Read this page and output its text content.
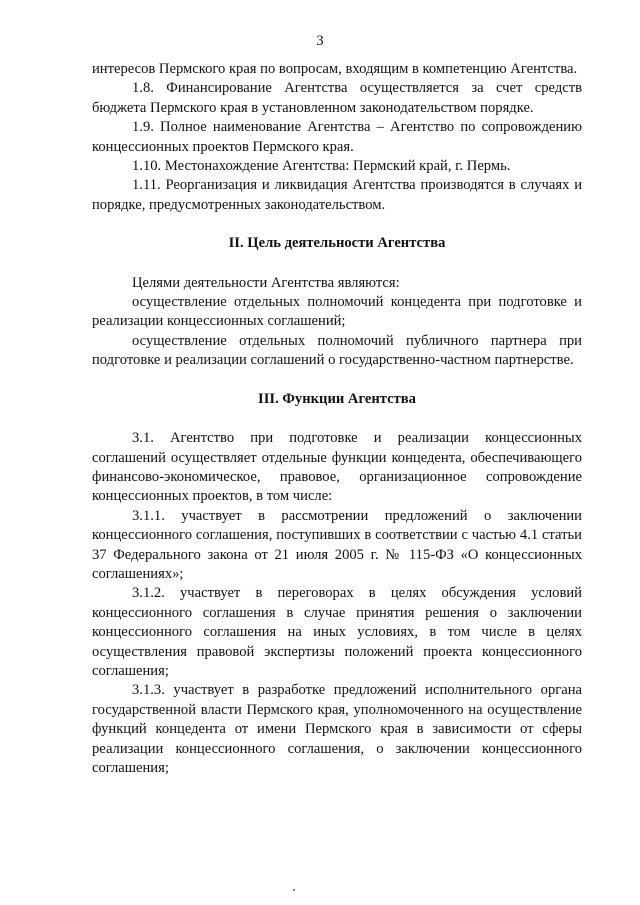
3

интересов Пермского края по вопросам, входящим в компетенцию Агентства.

1.8. Финансирование Агентства осуществляется за счет средств бюджета Пермского края в установленном законодательством порядке.

1.9. Полное наименование Агентства – Агентство по сопровождению концессионных проектов Пермского края.

1.10. Местонахождение Агентства: Пермский край, г. Пермь.

1.11. Реорганизация и ликвидация Агентства производятся в случаях и порядке, предусмотренных законодательством.

II. Цель деятельности Агентства

Целями деятельности Агентства являются:

осуществление отдельных полномочий концедента при подготовке и реализации концессионных соглашений;

осуществление отдельных полномочий публичного партнера при подготовке и реализации соглашений о государственно-частном партнерстве.

III. Функции Агентства

3.1. Агентство при подготовке и реализации концессионных соглашений осуществляет отдельные функции концедента, обеспечивающего финансово-экономическое, правовое, организационное сопровождение концессионных проектов, в том числе:

3.1.1. участвует в рассмотрении предложений о заключении концессионного соглашения, поступивших в соответствии с частью 4.1 статьи 37 Федерального закона от 21 июля 2005 г. № 115-ФЗ «О концессионных соглашениях»;

3.1.2. участвует в переговорах в целях обсуждения условий концессионного соглашения в случае принятия решения о заключении концессионного соглашения на иных условиях, в том числе в целях осуществления правовой экспертизы положений проекта концессионного соглашения;

3.1.3. участвует в разработке предложений исполнительного органа государственной власти Пермского края, уполномоченного на осуществление функций концедента от имени Пермского края в зависимости от сферы реализации концессионного соглашения, о заключении концессионного соглашения;
